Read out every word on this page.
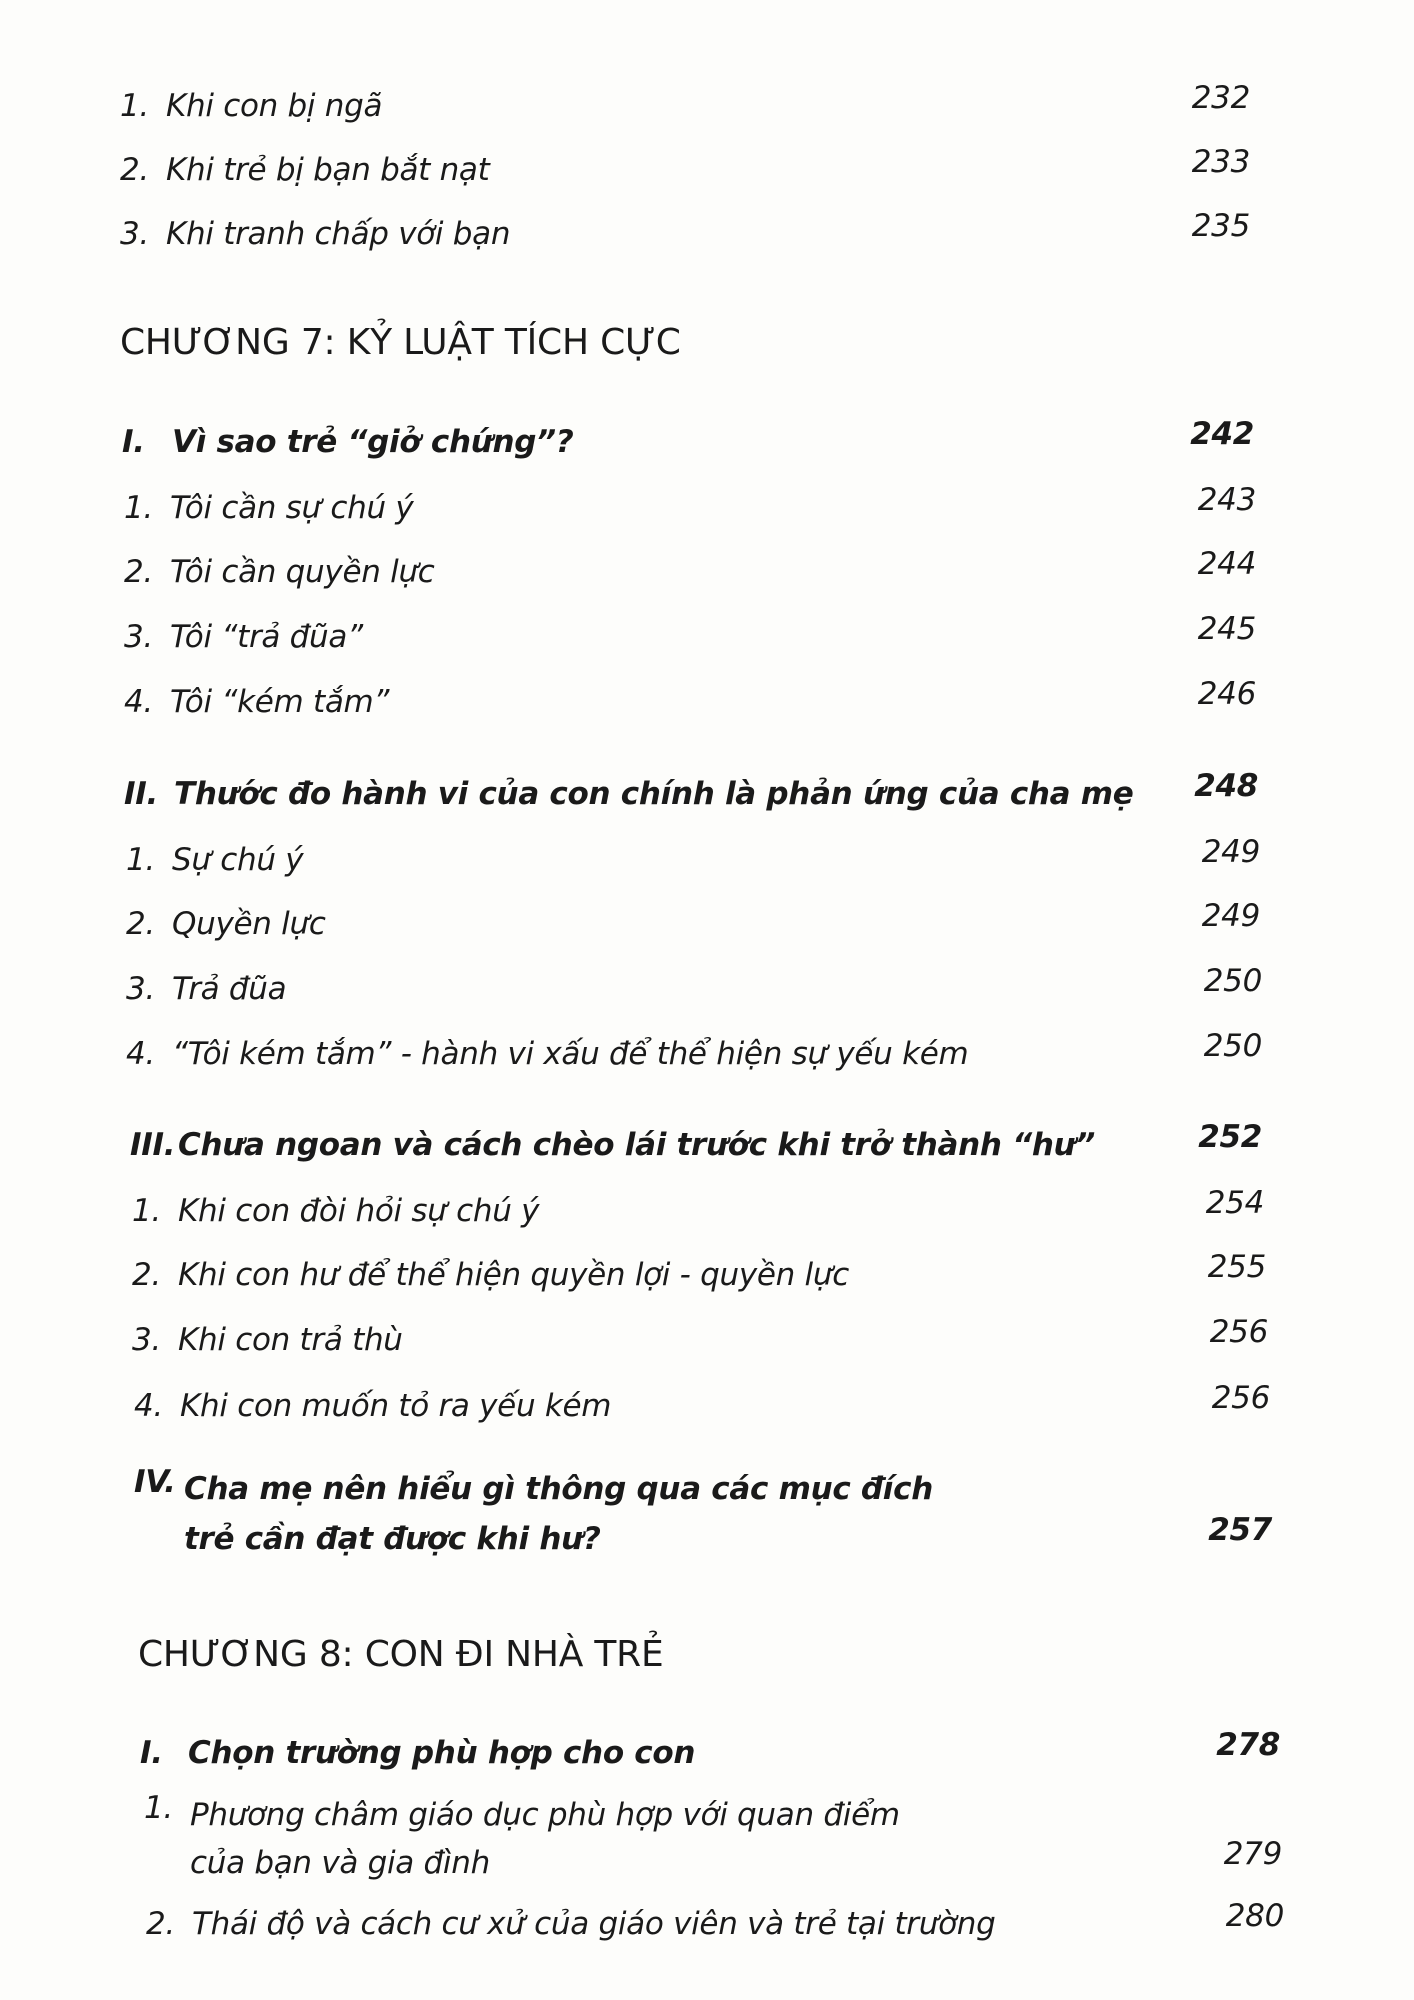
1. Khi con bị ngã	232
2. Khi trẻ bị bạn bắt nạt	233
3. Khi tranh chấp với bạn	235
CHƯƠNG 7: KỶ LUẬT TÍCH CỰC
I. Vì sao trẻ “giở chứng”?	242
1. Tôi cần sự chú ý	243
2. Tôi cần quyền lực	244
3. Tôi “trả đũa”	245
4. Tôi “kém tắm”	246
II. Thước đo hành vi của con chính là phản ứng của cha mẹ	248
1. Sự chú ý	249
2. Quyền lực	249
3. Trả đũa	250
4. “Tôi kém tắm” - hành vi xấu để thể hiện sự yếu kém	250
III. Chưa ngoan và cách chèo lái trước khi trở thành “hư”	252
1. Khi con đòi hỏi sự chú ý	254
2. Khi con hư để thể hiện quyền lợi - quyền lực	255
3. Khi con trả thù	256
4. Khi con muốn tỏ ra yếu kém	256
IV. Cha mẹ nên hiểu gì thông qua các mục đích
trẻ cần đạt được khi hư?	257
CHƯƠNG 8: CON ĐI NHÀ TRẺ
I. Chọn trường phù hợp cho con	278
1. Phương châm giáo dục phù hợp với quan điểm
của bạn và gia đình	279
2. Thái độ và cách cư xử của giáo viên và trẻ tại trường	280
